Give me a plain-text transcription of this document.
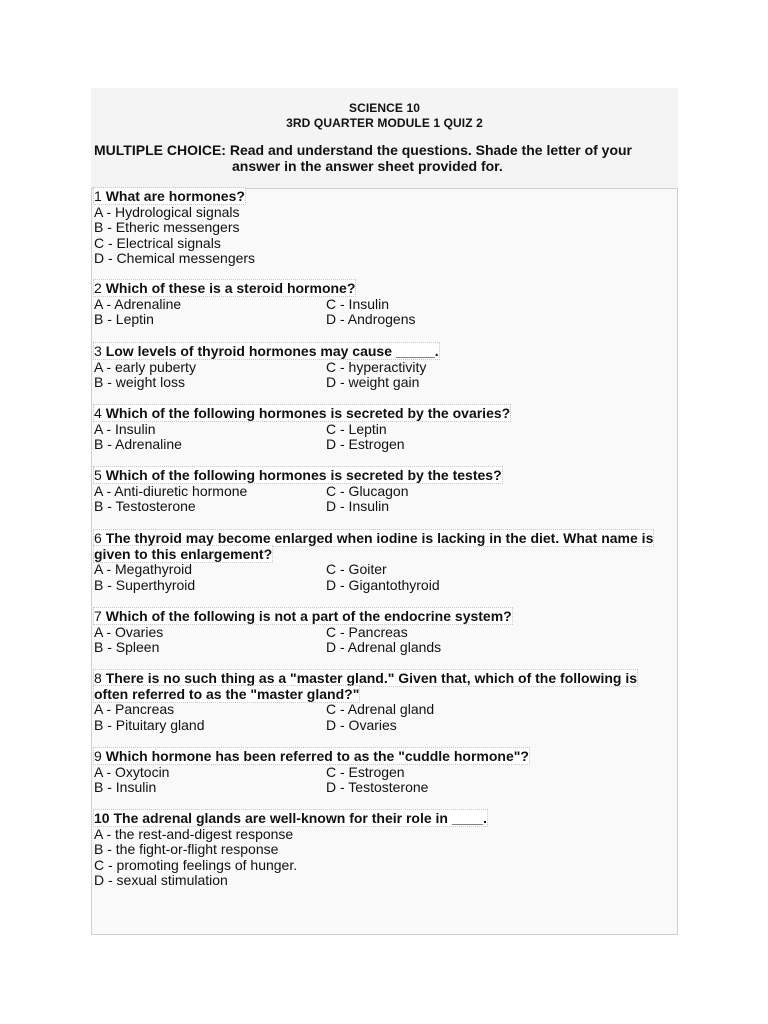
SCIENCE 10
3RD QUARTER MODULE 1 QUIZ 2
MULTIPLE CHOICE: Read and understand the questions. Shade the letter of your
answer in the answer sheet provided for.
1 What are hormones?
A - Hydrological signals
B - Etheric messengers
C - Electrical signals
D - Chemical messengers
2 Which of these is a steroid hormone?
A - Adrenaline	C - Insulin
B - Leptin	D - Androgens
3 Low levels of thyroid hormones may cause _____.
A - early puberty	C - hyperactivity
B - weight loss	D - weight gain
4 Which of the following hormones is secreted by the ovaries?
A - Insulin	C - Leptin
B - Adrenaline	D - Estrogen
5 Which of the following hormones is secreted by the testes?
A - Anti-diuretic hormone	C - Glucagon
B - Testosterone	D - Insulin
6 The thyroid may become enlarged when iodine is lacking in the diet. What name is
given to this enlargement?
A - Megathyroid	C - Goiter
B - Superthyroid	D - Gigantothyroid
7 Which of the following is not a part of the endocrine system?
A - Ovaries	C - Pancreas
B - Spleen	D - Adrenal glands
8 There is no such thing as a "master gland." Given that, which of the following is
often referred to as the "master gland?"
A - Pancreas	C - Adrenal gland
B - Pituitary gland	D - Ovaries
9 Which hormone has been referred to as the "cuddle hormone"?
A - Oxytocin	C - Estrogen
B - Insulin	D - Testosterone
10 The adrenal glands are well-known for their role in ____.
A - the rest-and-digest response
B - the fight-or-flight response
C - promoting feelings of hunger.
D - sexual stimulation
